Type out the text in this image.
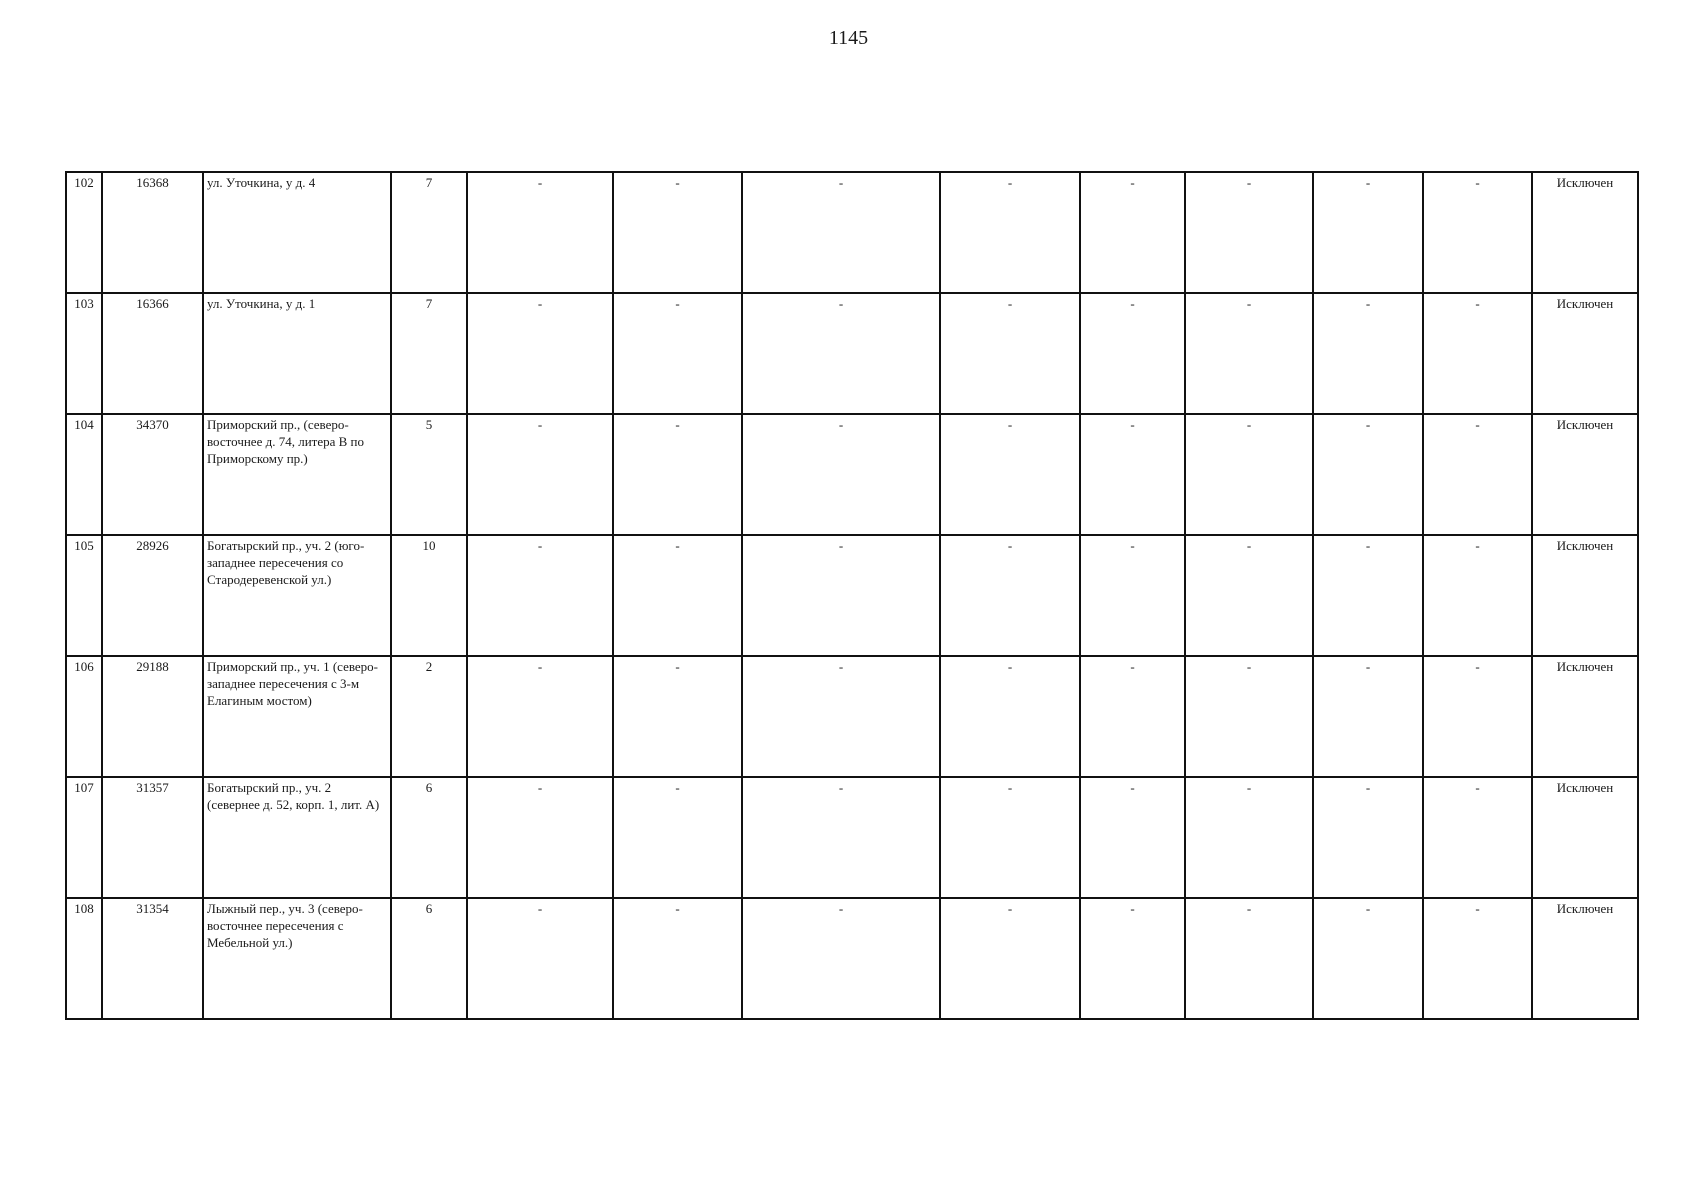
1145
102	16368	ул. Уточкина, у д. 4	7	-	-	-	-	-	-	-	-	Исключен
103	16366	ул. Уточкина, у д. 1	7	-	-	-	-	-	-	-	-	Исключен
104	34370	Приморский пр., (северо-восточнее д. 74, литера В по Приморскому пр.)	5	-	-	-	-	-	-	-	-	Исключен
105	28926	Богатырский пр., уч. 2 (юго-западнее пересечения со Стародеревенской ул.)	10	-	-	-	-	-	-	-	-	Исключен
106	29188	Приморский пр., уч. 1 (северо-западнее пересечения с 3-м Елагиным мостом)	2	-	-	-	-	-	-	-	-	Исключен
107	31357	Богатырский пр., уч. 2 (севернее д. 52, корп. 1, лит. А)	6	-	-	-	-	-	-	-	-	Исключен
108	31354	Лыжный пер., уч. 3 (северо-восточнее пересечения с Мебельной ул.)	6	-	-	-	-	-	-	-	-	Исключен
